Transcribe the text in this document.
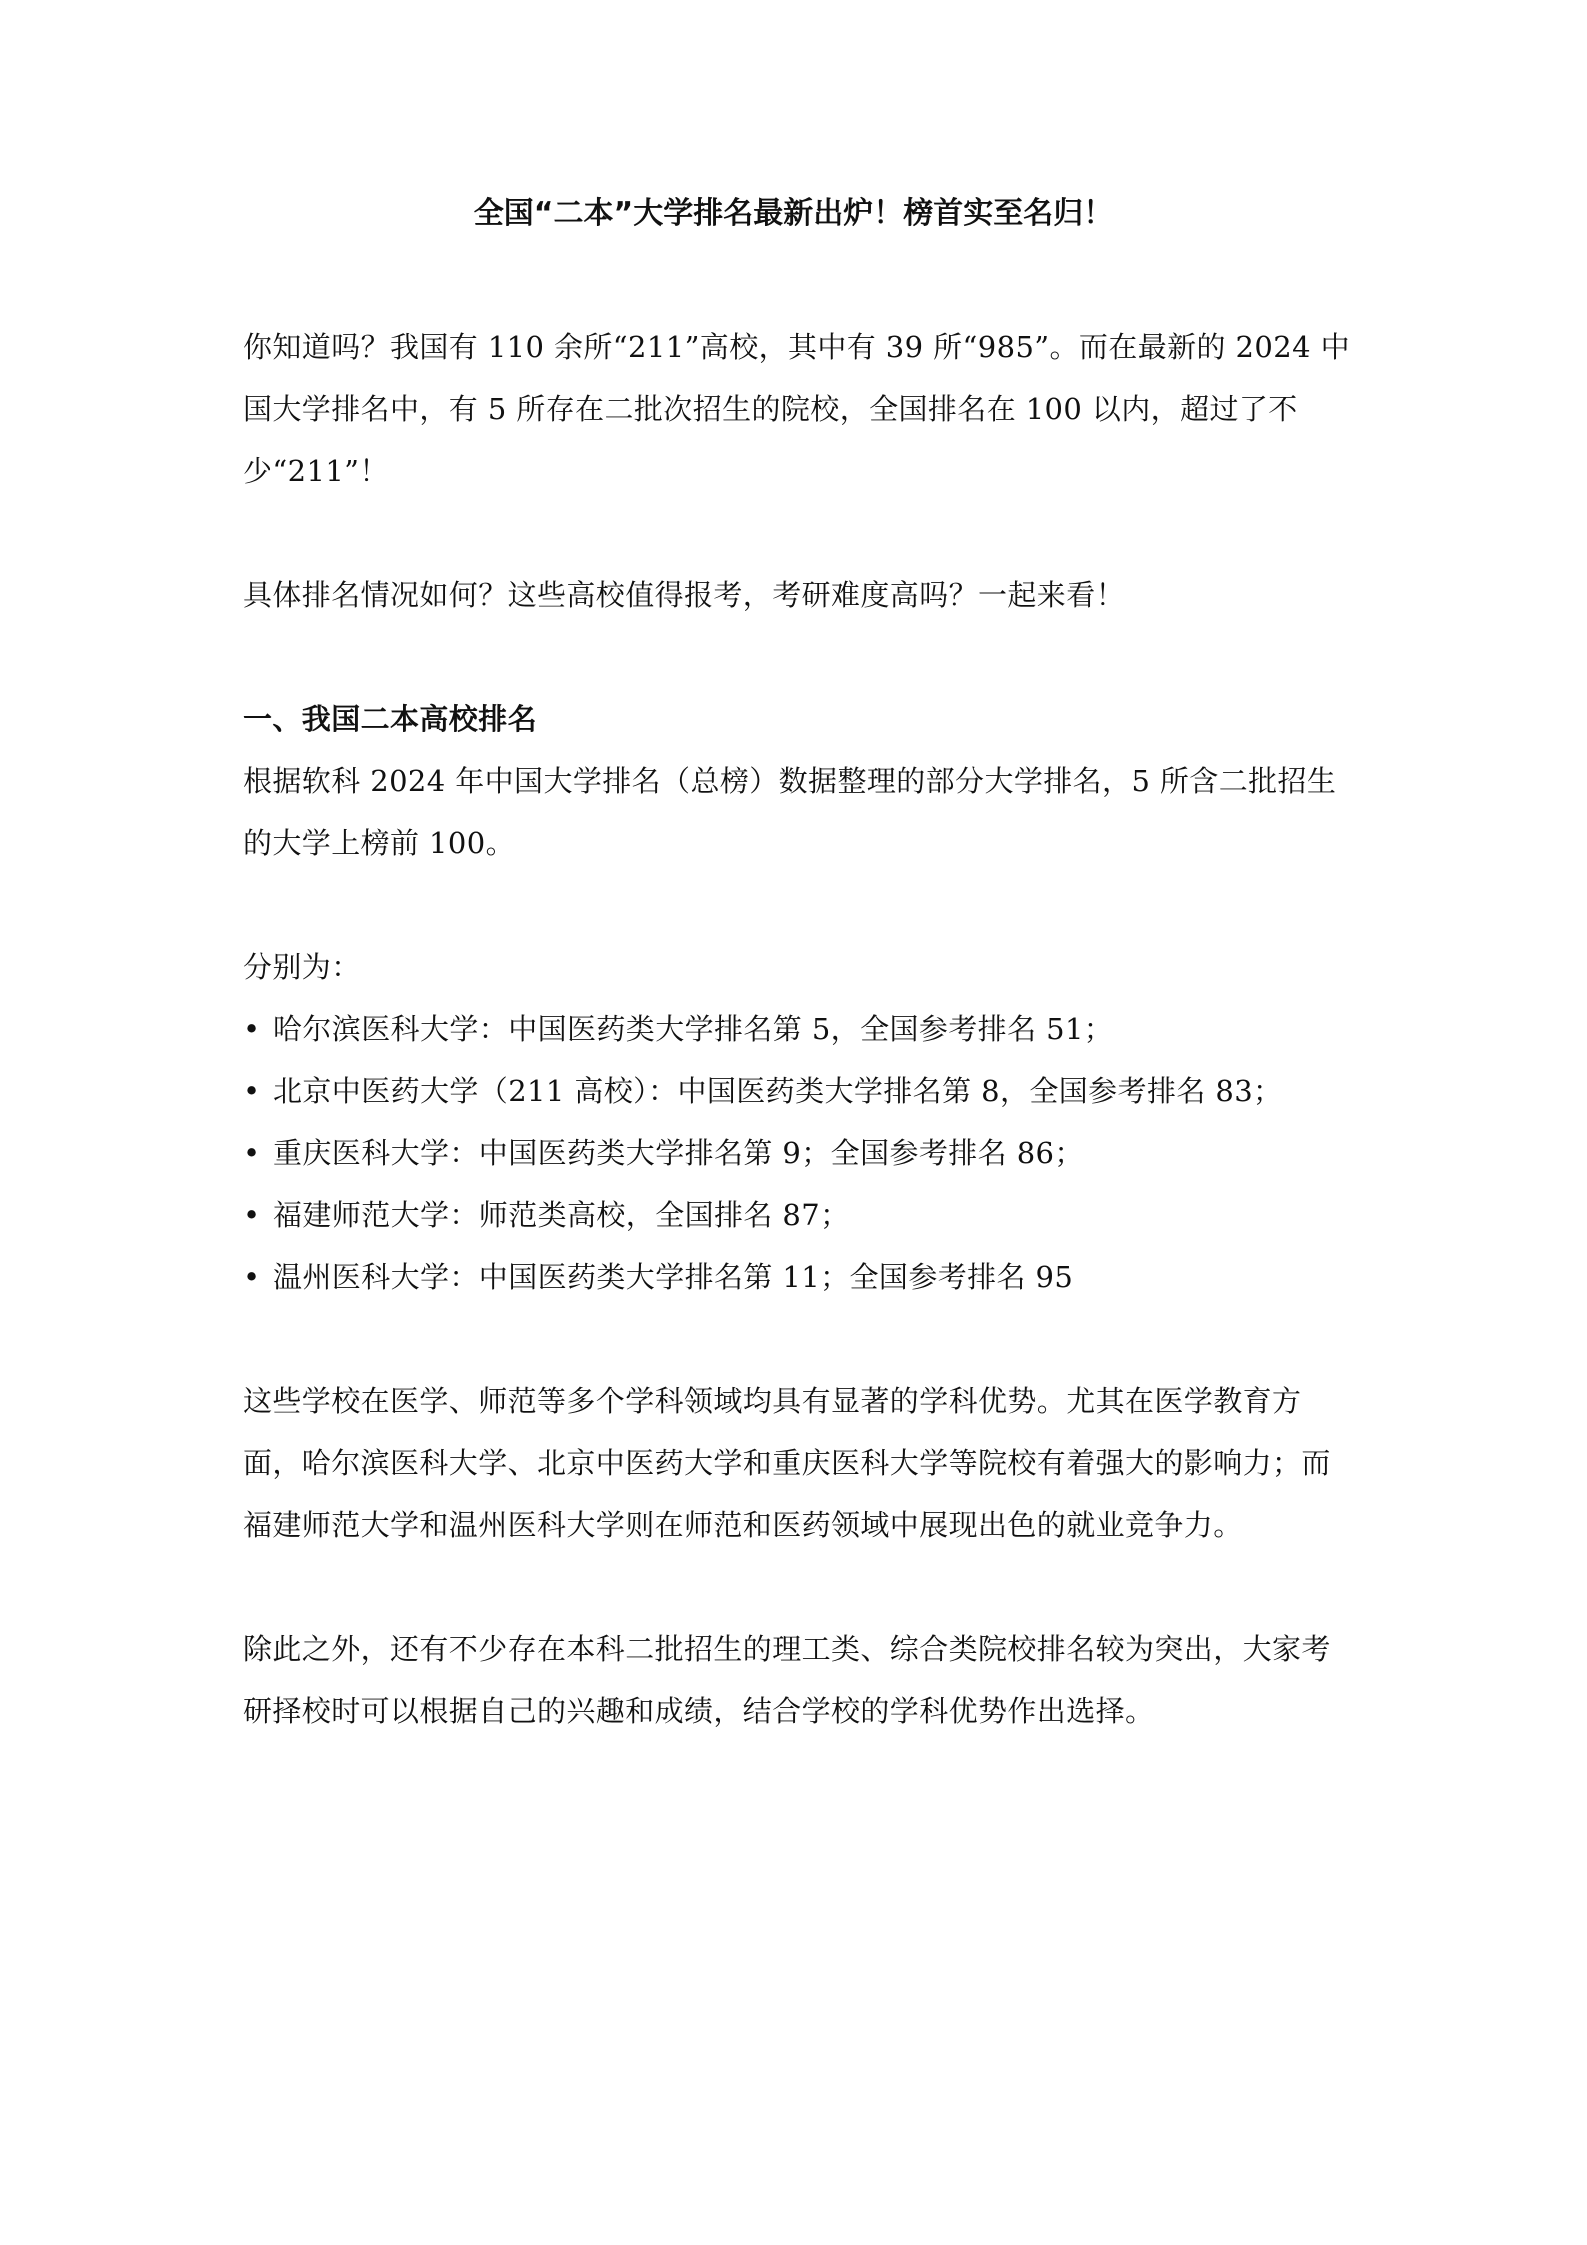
全国“二本”大学排名最新出炉！榜首实至名归！

你知道吗？我国有 110 余所“211”高校，其中有 39 所“985”。而在最新的 2024 中国大学排名中，有 5 所存在二批次招生的院校，全国排名在 100 以内，超过了不少“211”！

具体排名情况如何？这些高校值得报考，考研难度高吗？一起来看！

一、我国二本高校排名

根据软科 2024 年中国大学排名（总榜）数据整理的部分大学排名，5 所含二批招生的大学上榜前 100。

分别为：

• 哈尔滨医科大学：中国医药类大学排名第 5，全国参考排名 51；
• 北京中医药大学（211 高校）：中国医药类大学排名第 8，全国参考排名 83；
• 重庆医科大学：中国医药类大学排名第 9；全国参考排名 86；
• 福建师范大学：师范类高校，全国排名 87；
• 温州医科大学：中国医药类大学排名第 11；全国参考排名 95

这些学校在医学、师范等多个学科领域均具有显著的学科优势。尤其在医学教育方面，哈尔滨医科大学、北京中医药大学和重庆医科大学等院校有着强大的影响力；而福建师范大学和温州医科大学则在师范和医药领域中展现出色的就业竞争力。

除此之外，还有不少存在本科二批招生的理工类、综合类院校排名较为突出，大家考研择校时可以根据自己的兴趣和成绩，结合学校的学科优势作出选择。
